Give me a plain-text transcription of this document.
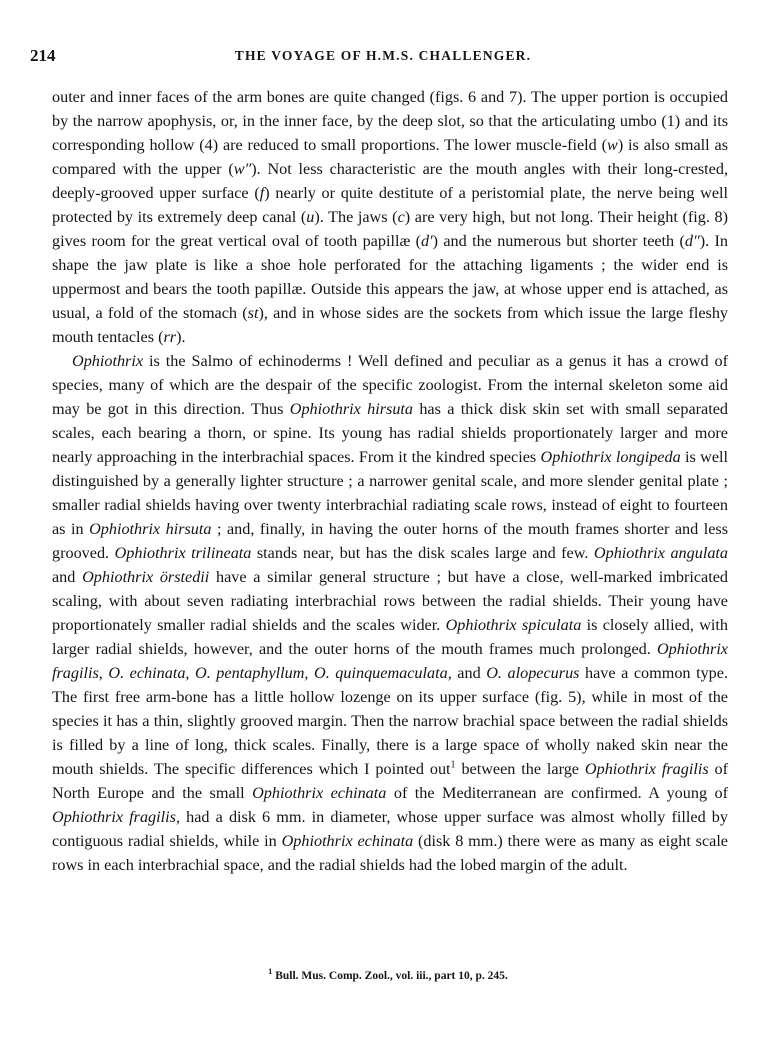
214	THE VOYAGE OF H.M.S. CHALLENGER.

outer and inner faces of the arm bones are quite changed (figs. 6 and 7). The upper portion is occupied by the narrow apophysis, or, in the inner face, by the deep slot, so that the articulating umbo (1) and its corresponding hollow (4) are reduced to small proportions. The lower muscle-field (w) is also small as compared with the upper (w″). Not less characteristic are the mouth angles with their long-crested, deeply-grooved upper surface (f) nearly or quite destitute of a peristomial plate, the nerve being well protected by its extremely deep canal (u). The jaws (c) are very high, but not long. Their height (fig. 8) gives room for the great vertical oval of tooth papillæ (d′) and the numerous but shorter teeth (d″). In shape the jaw plate is like a shoe hole perforated for the attaching ligaments ; the wider end is uppermost and bears the tooth papillæ. Outside this appears the jaw, at whose upper end is attached, as usual, a fold of the stomach (st), and in whose sides are the sockets from which issue the large fleshy mouth tentacles (rr).

Ophiothrix is the Salmo of echinoderms ! Well defined and peculiar as a genus it has a crowd of species, many of which are the despair of the specific zoologist. From the internal skeleton some aid may be got in this direction. Thus Ophiothrix hirsuta has a thick disk skin set with small separated scales, each bearing a thorn, or spine. Its young has radial shields proportionately larger and more nearly approaching in the interbrachial spaces. From it the kindred species Ophiothrix longipeda is well distinguished by a generally lighter structure ; a narrower genital scale, and more slender genital plate ; smaller radial shields having over twenty interbrachial radiating scale rows, instead of eight to fourteen as in Ophiothrix hirsuta ; and, finally, in having the outer horns of the mouth frames shorter and less grooved. Ophiothrix trilineata stands near, but has the disk scales large and few. Ophiothrix angulata and Ophiothrix örstedii have a similar general structure ; but have a close, well-marked imbricated scaling, with about seven radiating interbrachial rows between the radial shields. Their young have proportionately smaller radial shields and the scales wider. Ophiothrix spiculata is closely allied, with larger radial shields, however, and the outer horns of the mouth frames much prolonged. Ophiothrix fragilis, O. echinata, O. pentaphyllum, O. quinquemaculata, and O. alopecurus have a common type. The first free arm-bone has a little hollow lozenge on its upper surface (fig. 5), while in most of the species it has a thin, slightly grooved margin. Then the narrow brachial space between the radial shields is filled by a line of long, thick scales. Finally, there is a large space of wholly naked skin near the mouth shields. The specific differences which I pointed out$^1$ between the large Ophiothrix fragilis of North Europe and the small Ophiothrix echinata of the Mediterranean are confirmed. A young of Ophiothrix fragilis, had a disk 6 mm. in diameter, whose upper surface was almost wholly filled by contiguous radial shields, while in Ophiothrix echinata (disk 8 mm.) there were as many as eight scale rows in each interbrachial space, and the radial shields had the lobed margin of the adult.

$^1$ Bull. Mus. Comp. Zool., vol. iii., part 10, p. 245.
